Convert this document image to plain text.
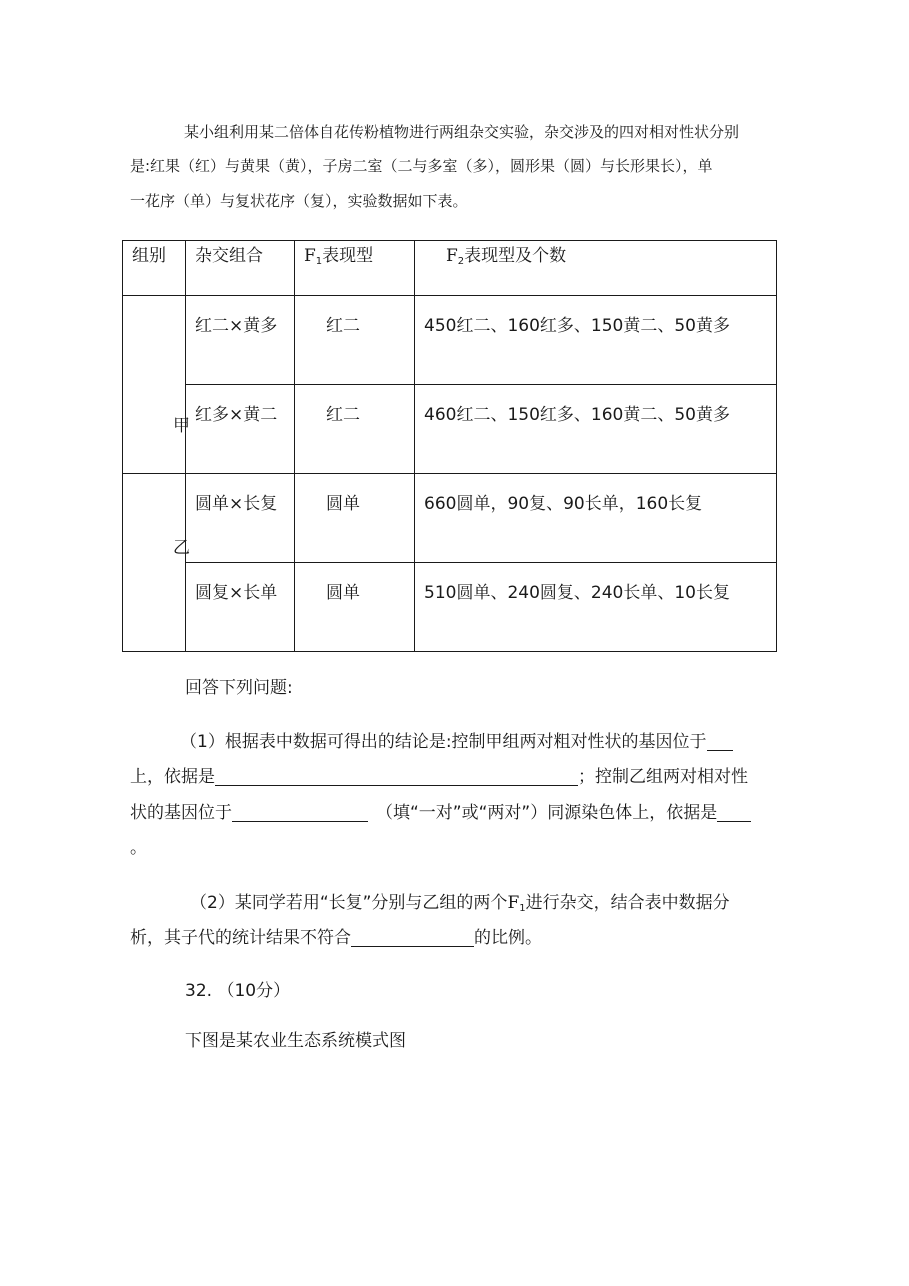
某小组利用某二倍体自花传粉植物进行两组杂交实验，杂交涉及的四对相对性状分别
是:红果（红）与黄果（黄），子房二室（二与多室（多），圆形果（圆）与长形果长），单
一花序（单）与复状花序（复），实验数据如下表。
组别	杂交组合	$F_1$表现型	$F_2$表现型及个数

甲	红二×黄多	红二	450红二、160红多、150黄二、50黄多

	红多×黄二	红二	460红二、150红多、160黄二、50黄多

乙	圆单×长复	圆单	660圆单，90复、90长单，160长复

	圆复×长单	圆单	510圆单、240圆复、240长单、10长复
回答下列问题:
（1）根据表中数据可得出的结论是:控制甲组两对粗对性状的基因位于
上，依据是	；控制乙组两对相对性
状的基因位于	（填“一对”或“两对”）同源染色体上，依据是
。
（2）某同学若用“长复”分别与乙组的两个$F_1$进行杂交，结合表中数据分
析，其子代的统计结果不符合	的比例。
32. （10分）
下图是某农业生态系统模式图
